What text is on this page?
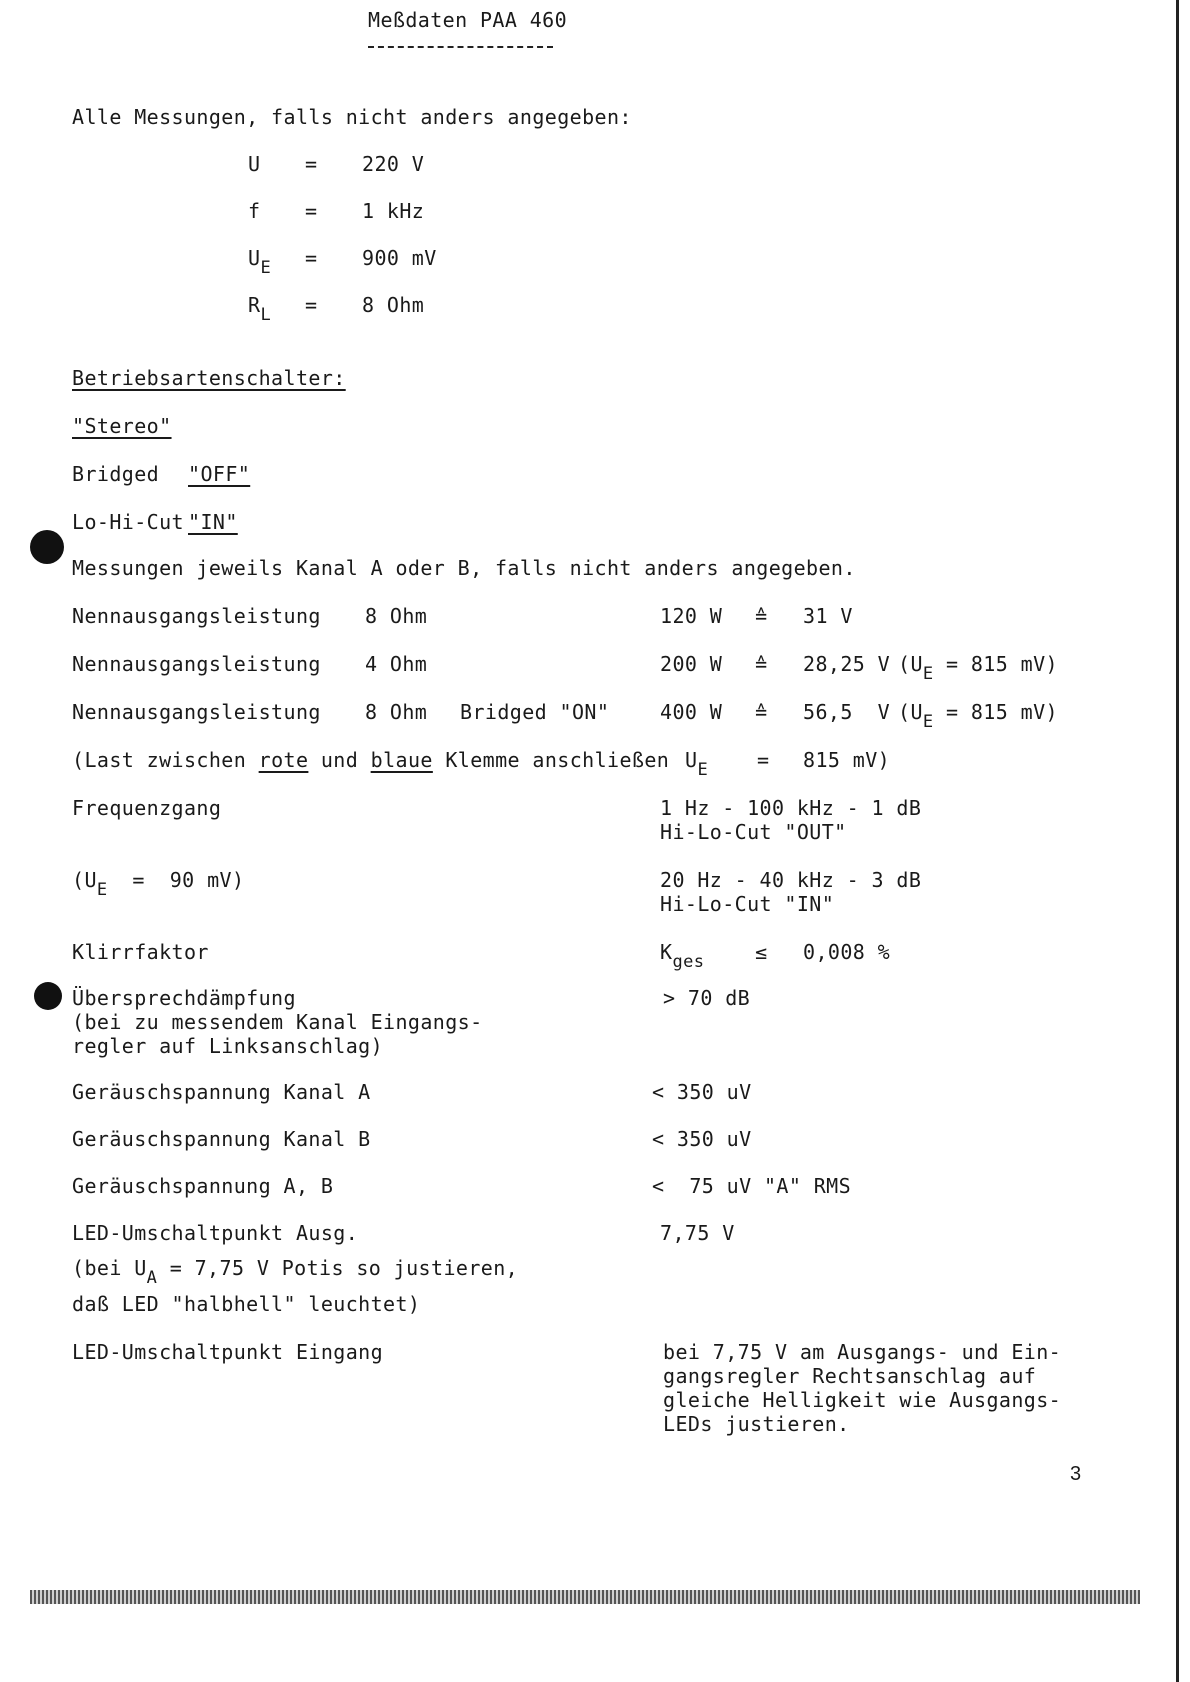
Meßdaten PAA 460
Alle Messungen, falls nicht anders angegeben:
U = 220 V
f = 1 kHz
$U_E = 900$ mV
$R_L = 8$ Ohm
Betriebsartenschalter:
"Stereo"
Bridged "OFF"
Lo-Hi-Cut "IN"
Messungen jeweils Kanal A oder B, falls nicht anders angegeben.
Nennausgangsleistung 8 Ohm	120 W ≙ 31 V
Nennausgangsleistung 4 Ohm	200 W ≙ 28,25 V ($U_E = 815$ mV)
Nennausgangsleistung 8 Ohm Bridged "ON"	400 W ≙ 56,5  V ($U_E = 815$ mV)
(Last zwischen rote und blaue Klemme anschließen $U_E = 815$ mV)
Frequenzgang	1 Hz - 100 kHz - 1 dB
Hi-Lo-Cut "OUT"
($U_E = 90$ mV)	20 Hz - 40 kHz - 3 dB
Hi-Lo-Cut "IN"
Klirrfaktor	$K_{ges}$	≤ 0,008 %
Übersprechdämpfung
(bei zu messendem Kanal Eingangs-
regler auf Linksanschlag)
> 70 dB
Geräuschspannung Kanal A	< 350 uV
Geräuschspannung Kanal B	< 350 uV
Geräuschspannung A, B	<  75 uV "A" RMS
LED-Umschaltpunkt Ausg.	7,75 V
(bei $U_A = 7,75$ V Potis so justieren,
daß LED "halbhell" leuchtet)
LED-Umschaltpunkt Eingang	bei 7,75 V am Ausgangs- und Ein-
gangsregler Rechtsanschlag auf
gleiche Helligkeit wie Ausgangs-
LEDs justieren.
3
